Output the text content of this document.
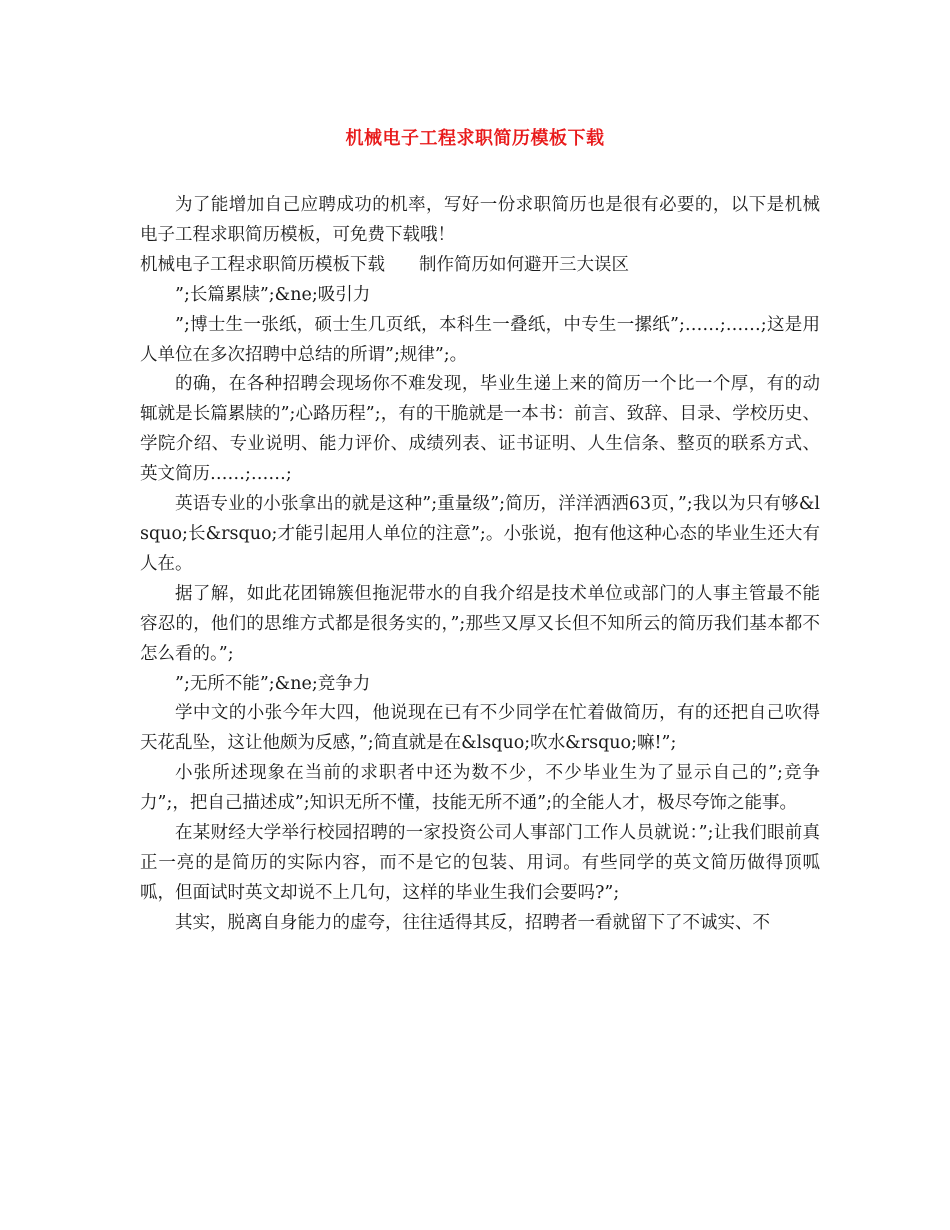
机械电子工程求职简历模板下载

为了能增加自己应聘成功的机率，写好一份求职简历也是很有必要的，以下是机械电子工程求职简历模板，可免费下载哦！

机械电子工程求职简历模板下载 制作简历如何避开三大误区

”;长篇累牍”;&ne;吸引力

”;博士生一张纸，硕士生几页纸，本科生一叠纸，中专生一摞纸”;……;……;这是用人单位在多次招聘中总结的所谓”;规律”;。

的确，在各种招聘会现场你不难发现，毕业生递上来的简历一个比一个厚，有的动辄就是长篇累牍的”;心路历程”;，有的干脆就是一本书：前言、致辞、目录、学校历史、学院介绍、专业说明、能力评价、成绩列表、证书证明、人生信条、整页的联系方式、英文简历……;……;

英语专业的小张拿出的就是这种”;重量级”;简历，洋洋洒洒63页，”;我以为只有够&lsquo;长&rsquo;才能引起用人单位的注意”;。小张说，抱有他这种心态的毕业生还大有人在。

据了解，如此花团锦簇但拖泥带水的自我介绍是技术单位或部门的人事主管最不能容忍的，他们的思维方式都是很务实的，”;那些又厚又长但不知所云的简历我们基本都不怎么看的。”;

”;无所不能”;&ne;竞争力

学中文的小张今年大四，他说现在已有不少同学在忙着做简历，有的还把自己吹得天花乱坠，这让他颇为反感，”;简直就是在&lsquo;吹水&rsquo;嘛!”;

小张所述现象在当前的求职者中还为数不少，不少毕业生为了显示自己的”;竞争力”;，把自己描述成”;知识无所不懂，技能无所不通”;的全能人才，极尽夸饰之能事。

在某财经大学举行校园招聘的一家投资公司人事部门工作人员就说：”;让我们眼前真正一亮的是简历的实际内容，而不是它的包装、用词。有些同学的英文简历做得顶呱呱，但面试时英文却说不上几句，这样的毕业生我们会要吗?”;

其实，脱离自身能力的虚夸，往往适得其反，招聘者一看就留下了不诚实、不
